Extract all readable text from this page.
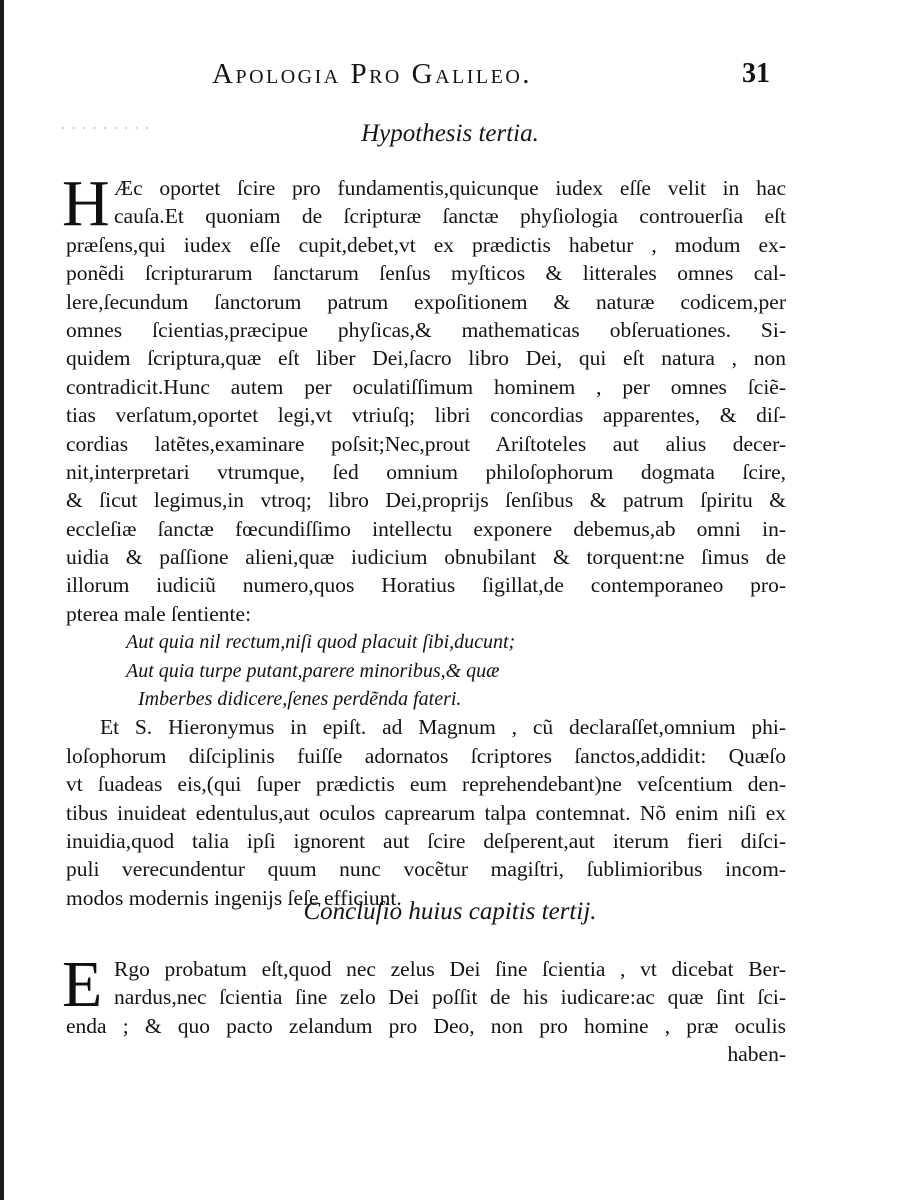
· · · · · · · · ·
Apologia Pro Galileo.	31
Hypothesis tertia.
H Æc oportet ſcire pro fundamentis,quicunque iudex eſſe velit in hac
cauſa.Et quoniam de ſcripturæ ſanctæ phyſiologia controuerſia eſt
præſens,qui iudex eſſe cupit,debet,vt ex prædictis habetur , modum ex-
ponẽdi ſcripturarum ſanctarum ſenſus myſticos & litterales omnes cal-
lere,ſecundum ſanctorum patrum expoſitionem & naturæ codicem,per
omnes ſcientias,præcipue phyſicas,& mathematicas obſeruationes. Si-
quidem ſcriptura,quæ eſt liber Dei,ſacro libro Dei, qui eſt natura , non
contradicit.Hunc autem per oculatiſſimum hominem , per omnes ſciẽ-
tias verſatum,oportet legi,vt vtriuſq; libri concordias apparentes, & diſ-
cordias latẽtes,examinare poſsit;Nec,prout Ariſtoteles aut alius decer-
nit,interpretari vtrumque, ſed omnium philoſophorum dogmata ſcire,
& ſicut legimus,in vtroq; libro Dei,proprijs ſenſibus & patrum ſpiritu &
eccleſiæ ſanctæ fœcundiſſimo intellectu exponere debemus,ab omni in-
uidia & paſſione alieni,quæ iudicium obnubilant & torquent:ne ſimus de
illorum iudiciũ numero,quos Horatius ſigillat,de contemporaneo pro-
pterea male ſentiente:
Aut quia nil rectum,niſi quod placuit ſibi,ducunt;
Aut quia turpe putant,parere minoribus,& quæ
Imberbes didicere,ſenes perdẽnda fateri.
Et S. Hieronymus in epiſt. ad Magnum , cũ declaraſſet,omnium phi-
loſophorum diſciplinis fuiſſe adornatos ſcriptores ſanctos,addidit: Quæſo
vt ſuadeas eis,(qui ſuper prædictis eum reprehendebant)ne veſcentium den-
tibus inuideat edentulus,aut oculos caprearum talpa contemnat. Nõ enim niſi ex
inuidia,quod talia ipſi ignorent aut ſcire deſperent,aut iterum fieri diſci-
puli verecundentur quum nunc vocẽtur magiſtri, ſublimioribus incom-
modos modernis ingenijs ſeſe efficiunt.
Concluſio huius capitis tertij.
E Rgo probatum eſt,quod nec zelus Dei ſine ſcientia , vt dicebat Ber-
nardus,nec ſcientia ſine zelo Dei poſſit de his iudicare:ac quæ ſint ſci-
enda ; & quo pacto zelandum pro Deo, non pro homine , præ oculis
haben-
